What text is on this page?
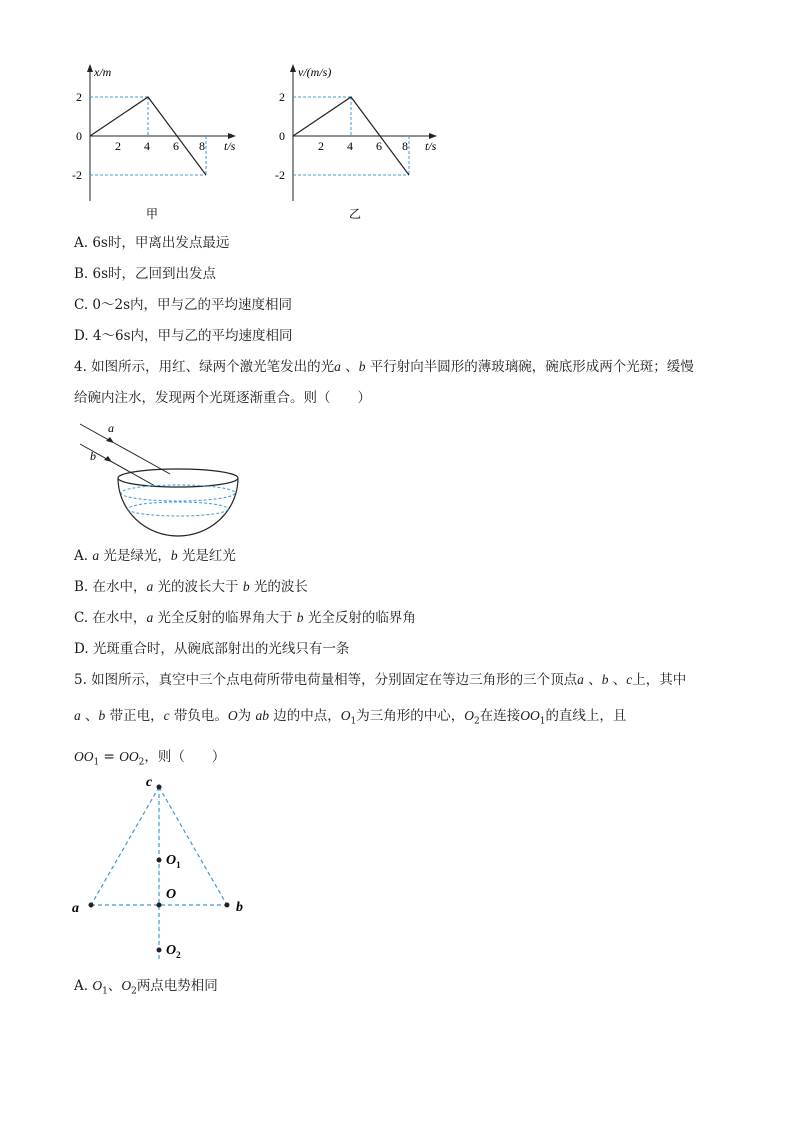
x/m
t/s
2
0
-2
2 4 6 8
甲
v/(m/s)
t/s
2
0
-2
2 4 6 8
乙
A. 6s时，甲离出发点最远
B. 6s时，乙回到出发点
C. 0～2s内，甲与乙的平均速度相同
D. 4～6s内，甲与乙的平均速度相同
4. 如图所示，用红、绿两个激光笔发出的光a 、b 平行射向半圆形的薄玻璃碗，碗底形成两个光斑；缓慢
给碗内注水，发现两个光斑逐渐重合。则（　　）
a
b
A. a 光是绿光，b 光是红光
B. 在水中，a 光的波长大于 b 光的波长
C. 在水中，a 光全反射的临界角大于 b 光全反射的临界角
D. 光斑重合时，从碗底部射出的光线只有一条
5. 如图所示，真空中三个点电荷所带电荷量相等，分别固定在等边三角形的三个顶点a 、b 、c上，其中
a 、b 带正电，c 带负电。O为 ab 边的中点，$O_1$为三角形的中心，$O_2$在连接$OO_1$的直线上，且
$OO_1 = OO_2$，则（　　）
c
a	b
O
$O_1$
$O_2$
A. $O_1$、$O_2$两点电势相同
